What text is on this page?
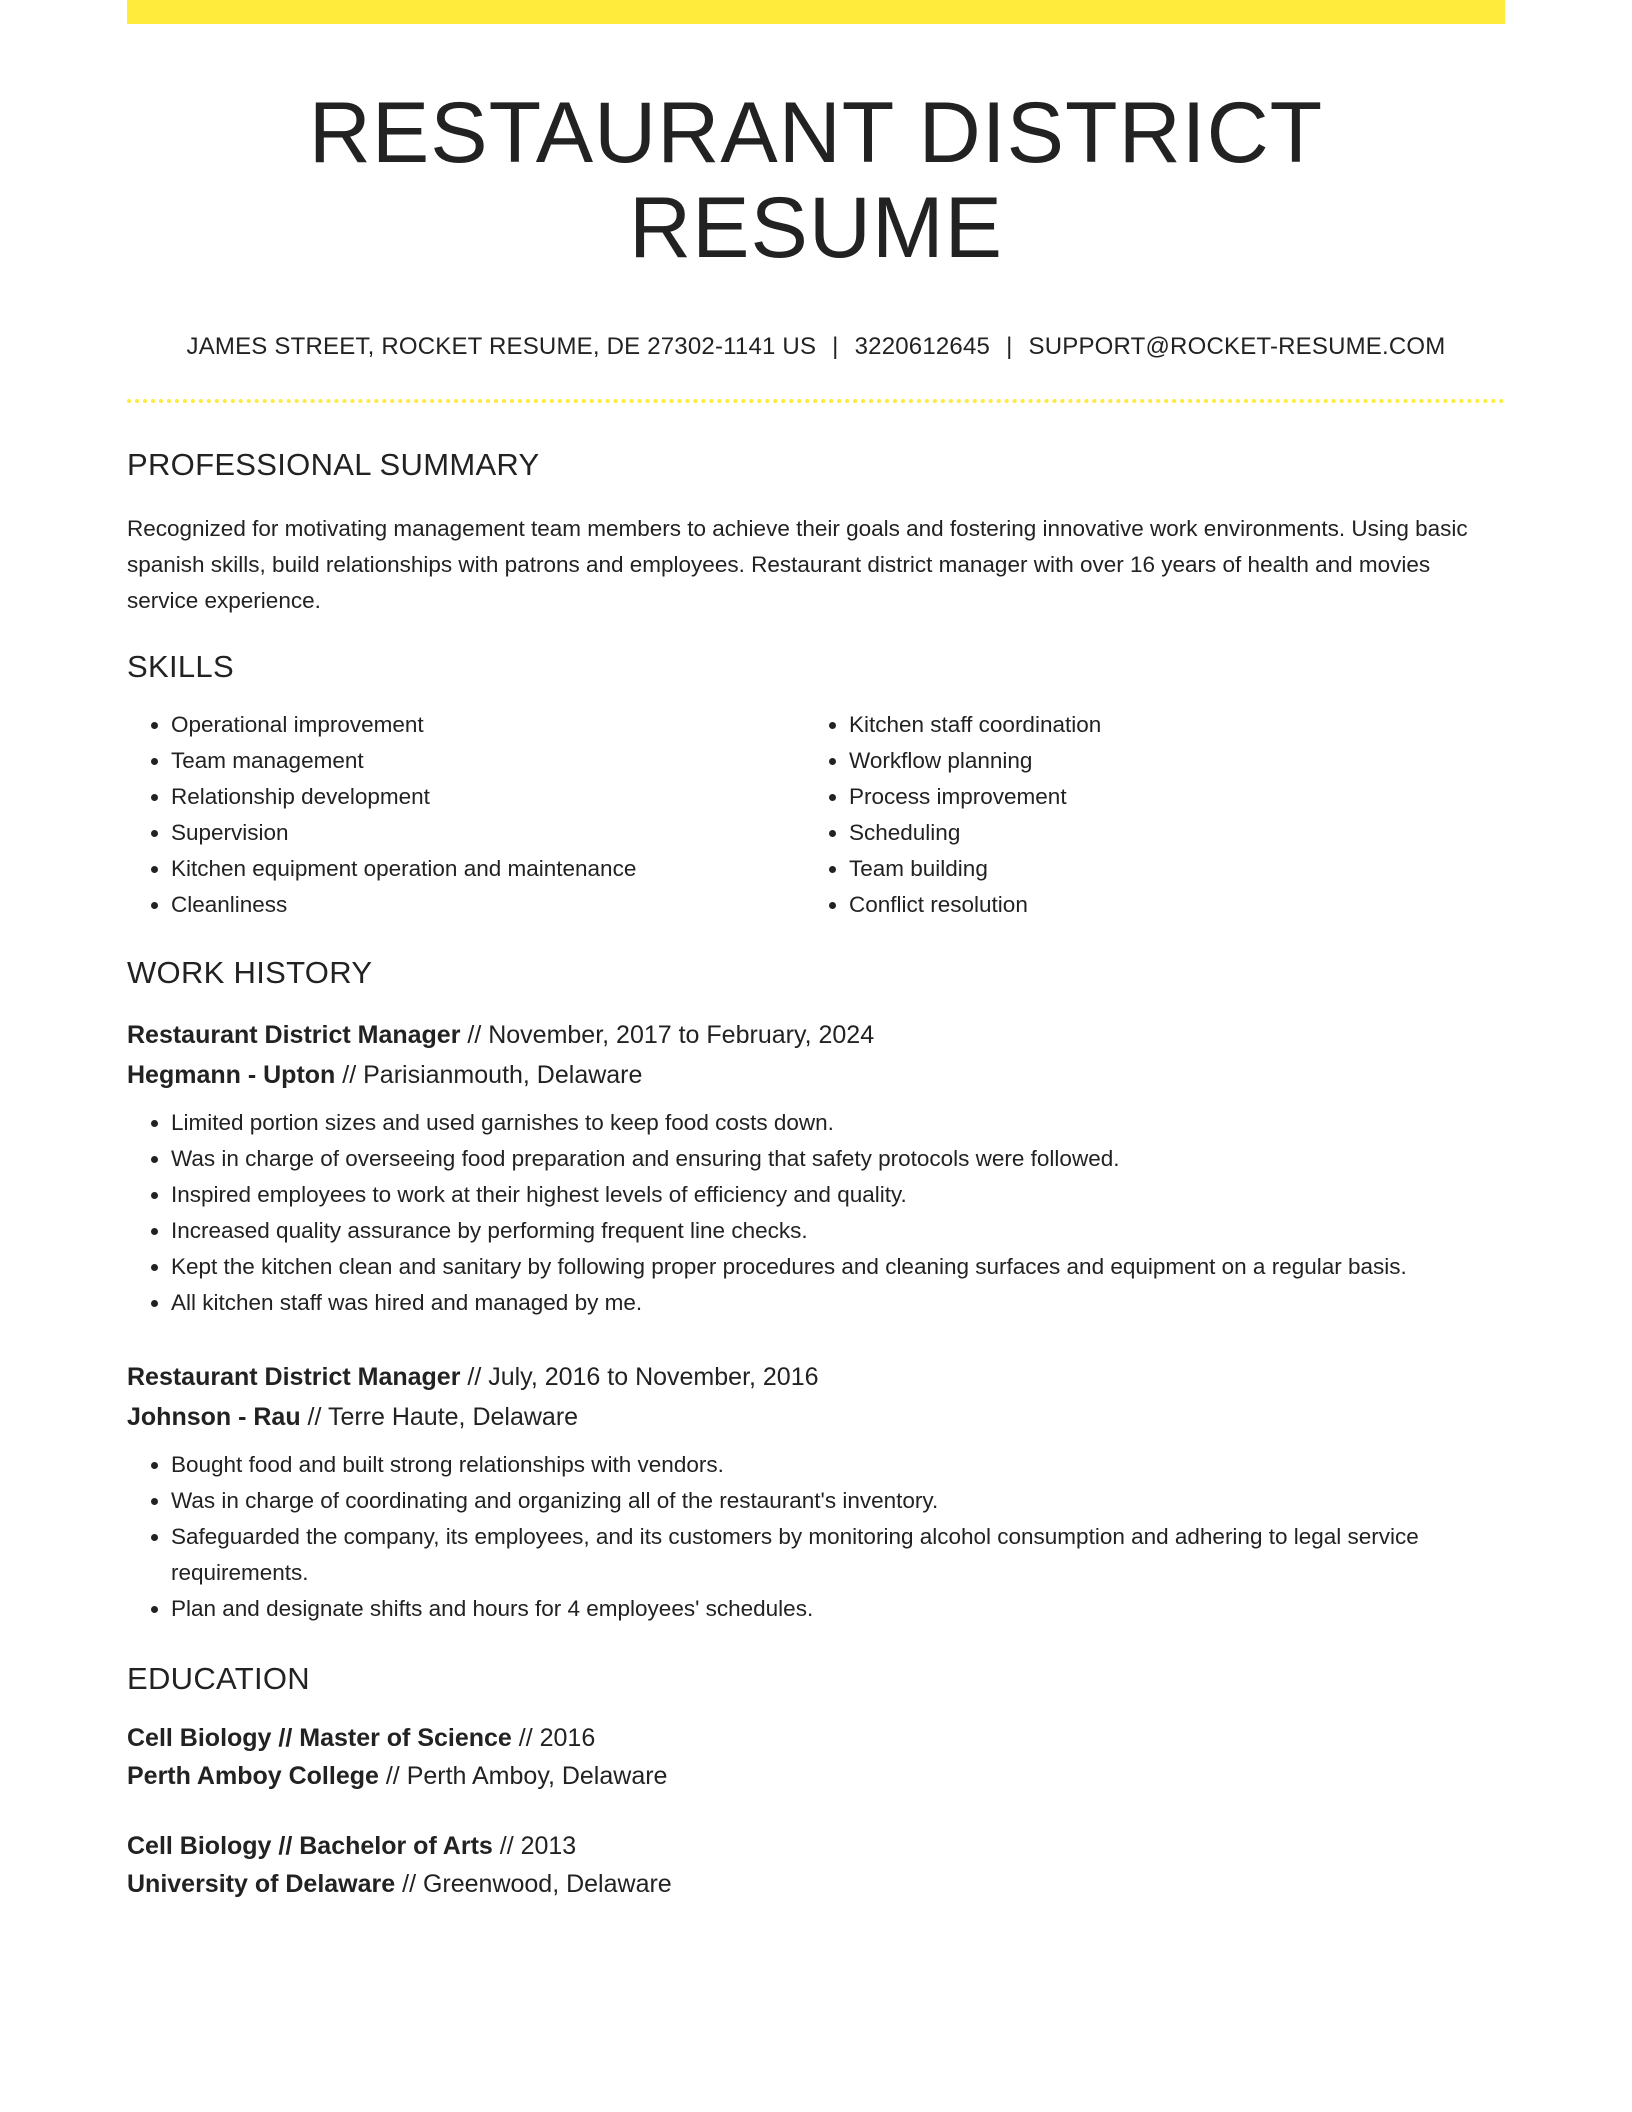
RESTAURANT DISTRICT RESUME
JAMES STREET, ROCKET RESUME, DE 27302-1141 US | 3220612645 | SUPPORT@ROCKET-RESUME.COM
PROFESSIONAL SUMMARY
Recognized for motivating management team members to achieve their goals and fostering innovative work environments. Using basic spanish skills, build relationships with patrons and employees. Restaurant district manager with over 16 years of health and movies service experience.
SKILLS
• Operational improvement
• Team management
• Relationship development
• Supervision
• Kitchen equipment operation and maintenance
• Cleanliness
• Kitchen staff coordination
• Workflow planning
• Process improvement
• Scheduling
• Team building
• Conflict resolution
WORK HISTORY
Restaurant District Manager // November, 2017 to February, 2024
Hegmann - Upton // Parisianmouth, Delaware
• Limited portion sizes and used garnishes to keep food costs down.
• Was in charge of overseeing food preparation and ensuring that safety protocols were followed.
• Inspired employees to work at their highest levels of efficiency and quality.
• Increased quality assurance by performing frequent line checks.
• Kept the kitchen clean and sanitary by following proper procedures and cleaning surfaces and equipment on a regular basis.
• All kitchen staff was hired and managed by me.
Restaurant District Manager // July, 2016 to November, 2016
Johnson - Rau // Terre Haute, Delaware
• Bought food and built strong relationships with vendors.
• Was in charge of coordinating and organizing all of the restaurant's inventory.
• Safeguarded the company, its employees, and its customers by monitoring alcohol consumption and adhering to legal service requirements.
• Plan and designate shifts and hours for 4 employees' schedules.
EDUCATION
Cell Biology // Master of Science // 2016
Perth Amboy College // Perth Amboy, Delaware
Cell Biology // Bachelor of Arts // 2013
University of Delaware // Greenwood, Delaware
